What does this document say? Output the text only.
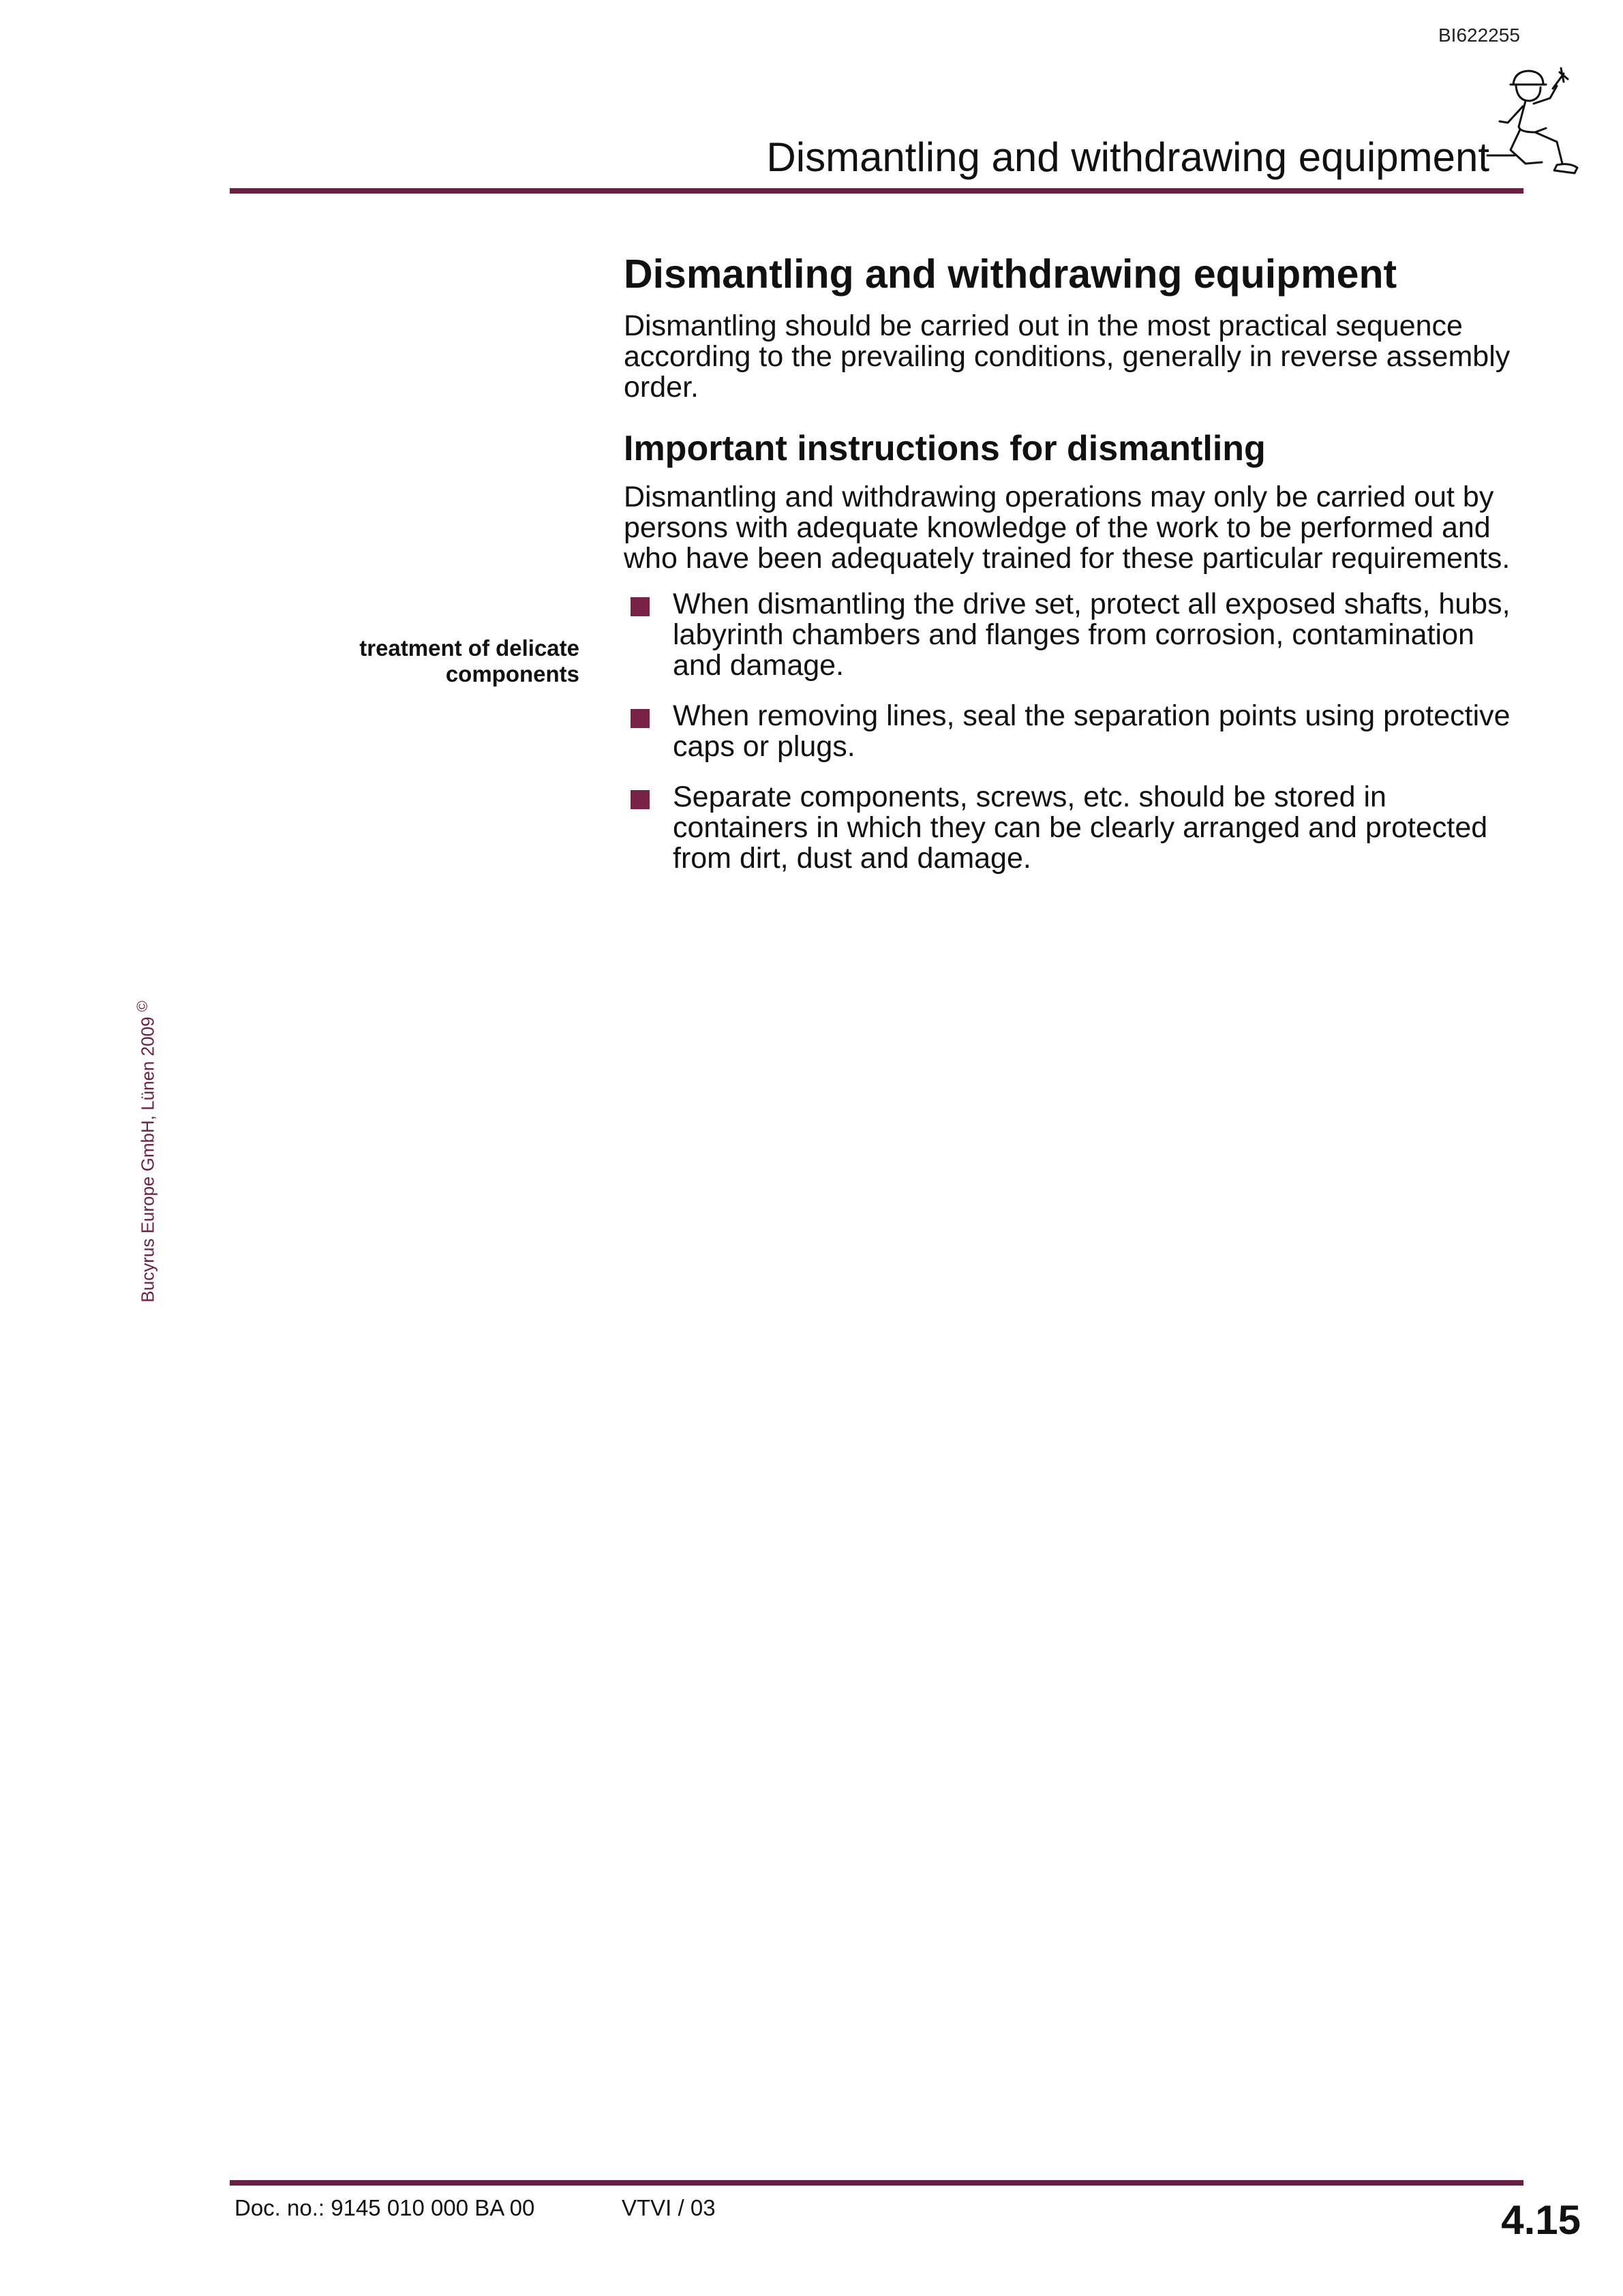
BI622255
Dismantling and withdrawing equipment
treatment of delicate components
Dismantling and withdrawing equipment

Dismantling should be carried out in the most practical sequence according to the prevailing conditions, generally in reverse assembly order.

Important instructions for dismantling

Dismantling and withdrawing operations may only be carried out by persons with adequate knowledge of the work to be performed and who have been adequately trained for these particular requirements.

When dismantling the drive set, protect all exposed shafts, hubs, labyrinth chambers and flanges from corrosion, contamination and damage.
When removing lines, seal the separation points using protective caps or plugs.
Separate components, screws, etc. should be stored in containers in which they can be clearly arranged and protected from dirt, dust and damage.
Bucyrus Europe GmbH, Lünen 2009 ©
Doc. no.: 9145 010 000 BA 00	VTVI / 03	4.15
